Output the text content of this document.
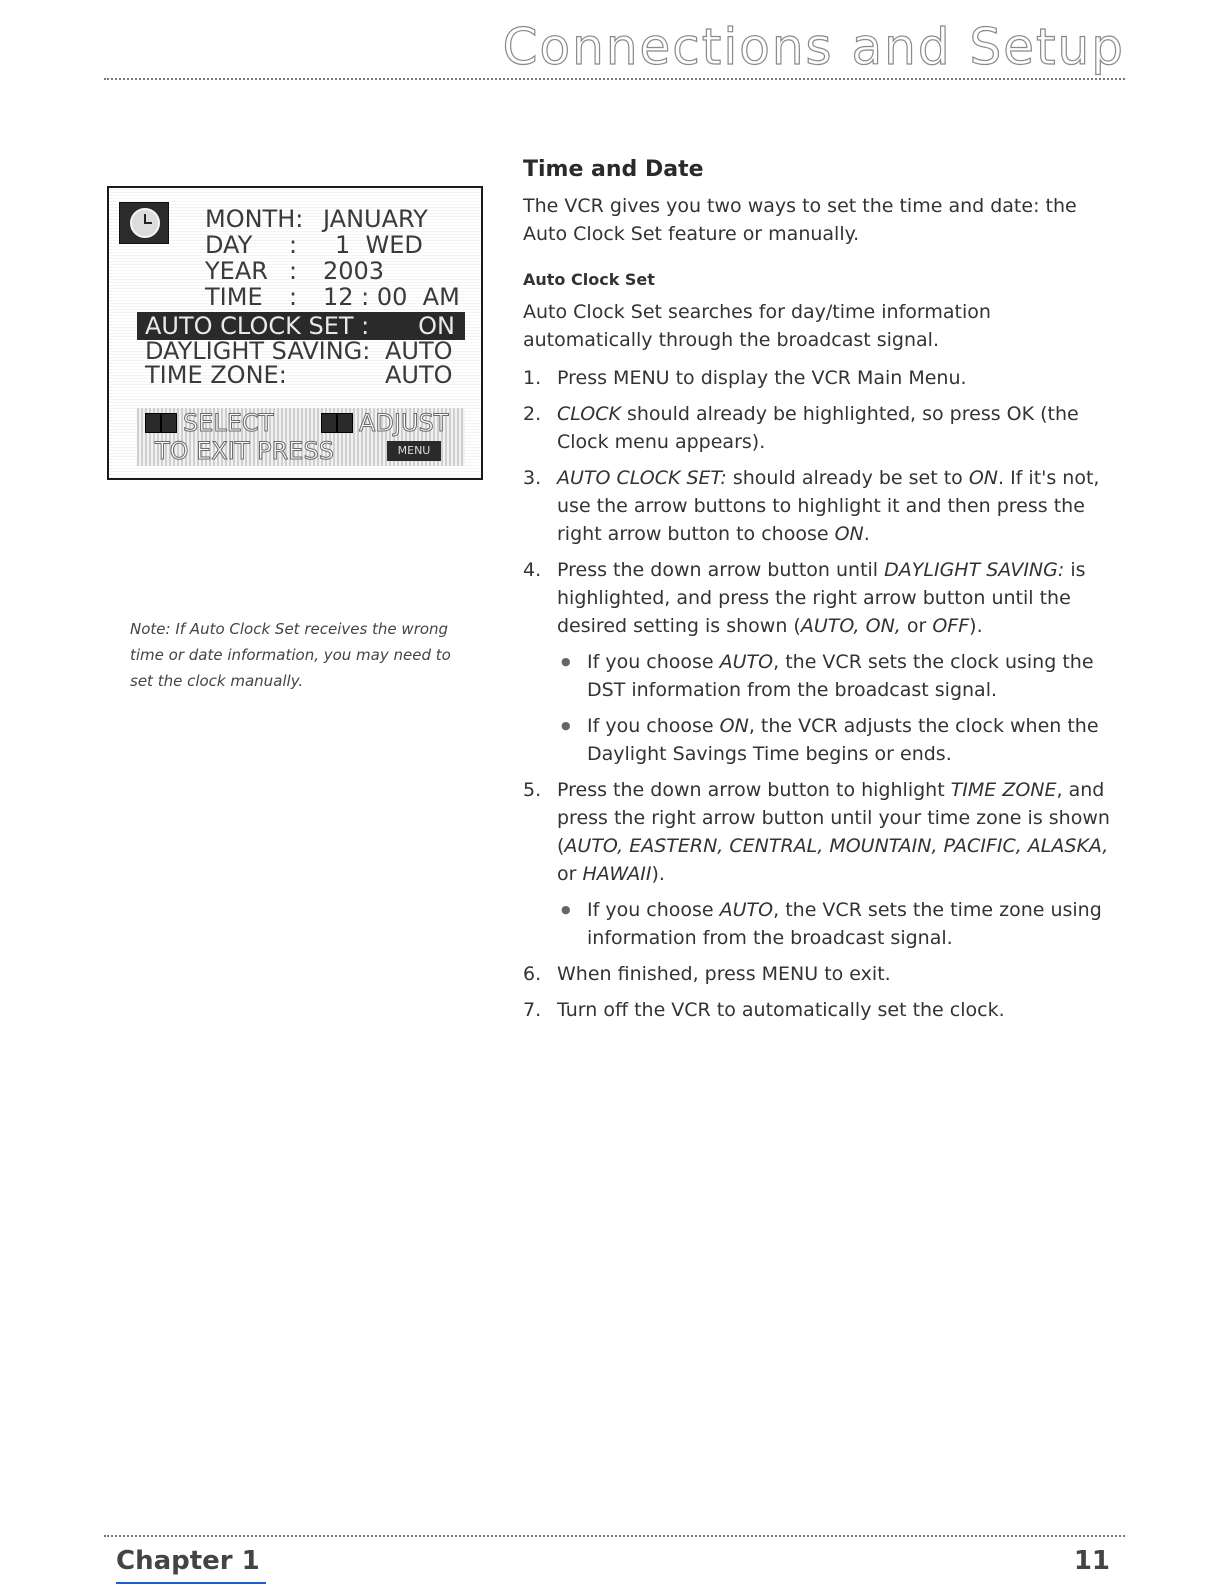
Connections and Setup
MONTH: JANUARY
DAY : 1  WED
YEAR : 2003
TIME : 12 : 00  AM
AUTO CLOCK SET : ON
DAYLIGHT SAVING: AUTO
TIME ZONE:	AUTO
SELECT	ADJUST
TO EXIT PRESS	MENU
Note: If Auto Clock Set receives the wrong time or date information, you may need to set the clock manually.
Time and Date
The VCR gives you two ways to set the time and date: the Auto Clock Set feature or manually.
Auto Clock Set
Auto Clock Set searches for day/time information automatically through the broadcast signal.
1. Press MENU to display the VCR Main Menu.
2. CLOCK should already be highlighted, so press OK (the Clock menu appears).
3. AUTO CLOCK SET: should already be set to ON. If it's not, use the arrow buttons to highlight it and then press the right arrow button to choose ON.
4. Press the down arrow button until DAYLIGHT SAVING: is highlighted, and press the right arrow button until the desired setting is shown (AUTO, ON, or OFF).
● If you choose AUTO, the VCR sets the clock using the DST information from the broadcast signal.
● If you choose ON, the VCR adjusts the clock when the Daylight Savings Time begins or ends.
5. Press the down arrow button to highlight TIME ZONE, and press the right arrow button until your time zone is shown (AUTO, EASTERN, CENTRAL, MOUNTAIN, PACIFIC, ALASKA, or HAWAII).
● If you choose AUTO, the VCR sets the time zone using information from the broadcast signal.
6. When finished, press MENU to exit.
7. Turn off the VCR to automatically set the clock.
Chapter 1	11
